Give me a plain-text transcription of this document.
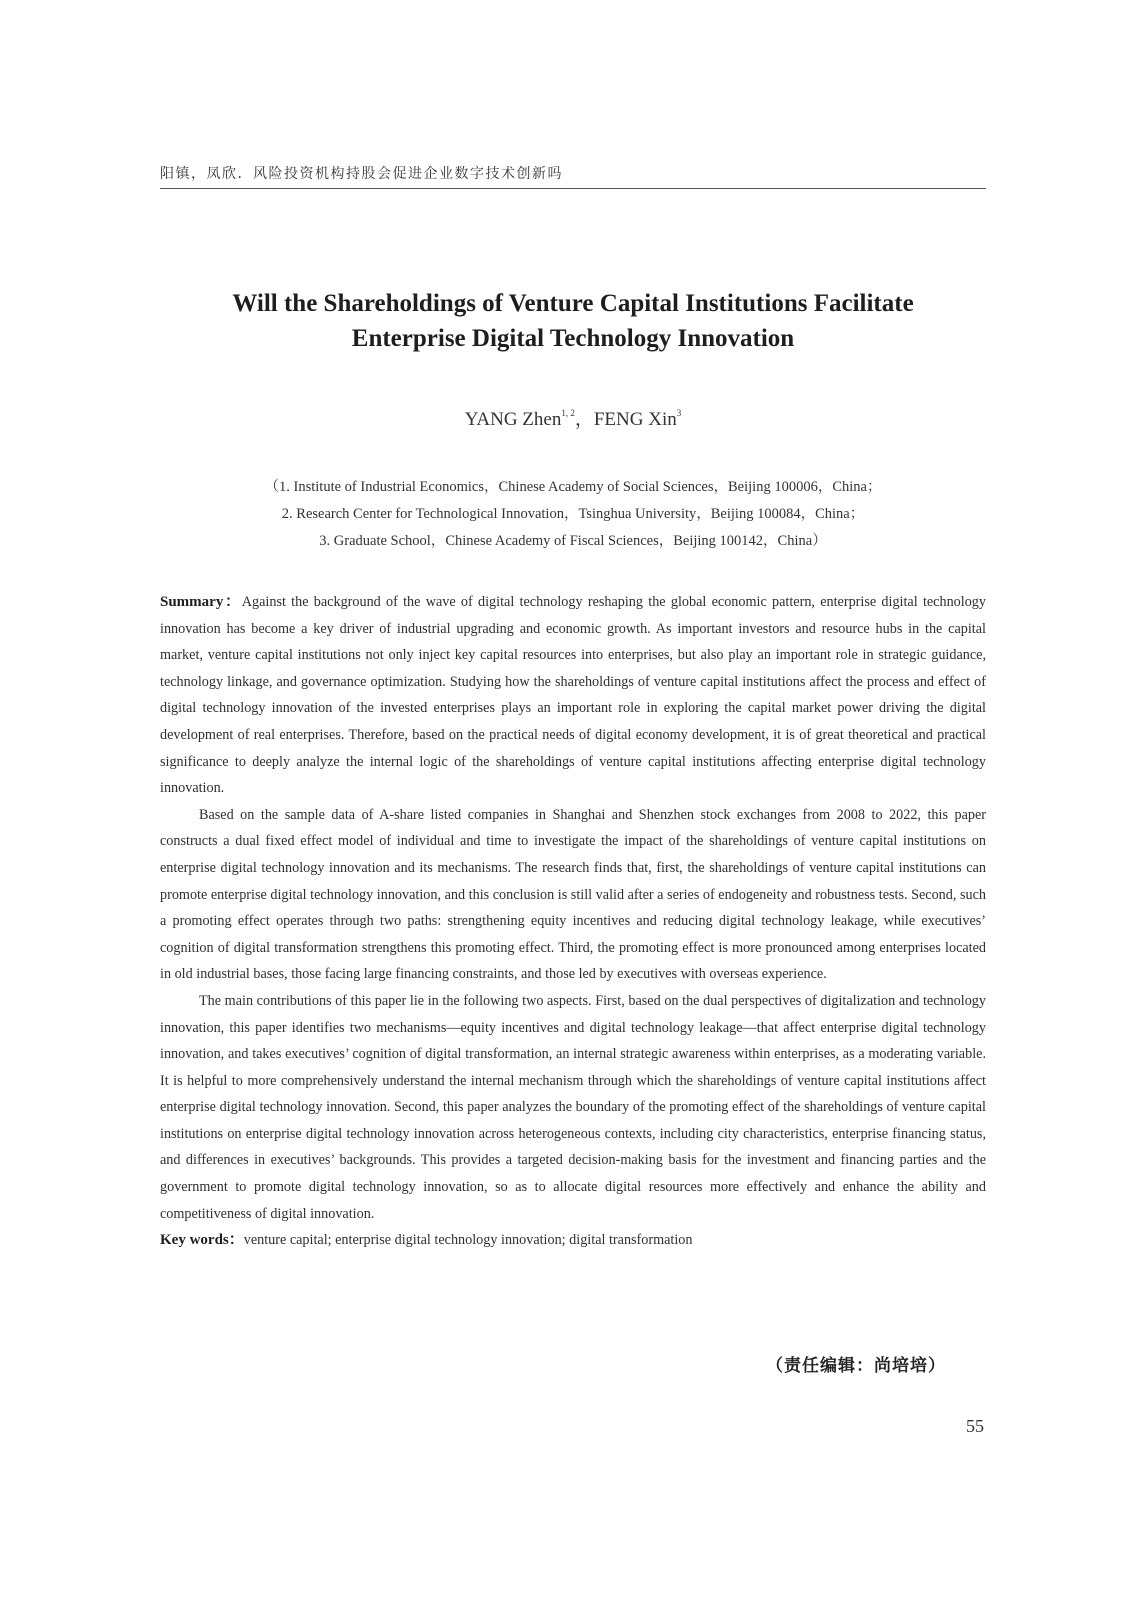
阳镇，凤欣．风险投资机构持股会促进企业数字技术创新吗
Will the Shareholdings of Venture Capital Institutions Facilitate
Enterprise Digital Technology Innovation
YANG Zhen$^{1, 2}$，FENG Xin$^3$
（1. Institute of Industrial Economics，Chinese Academy of Social Sciences，Beijing 100006，China；
2. Research Center for Technological Innovation，Tsinghua University，Beijing 100084，China；
3. Graduate School，Chinese Academy of Fiscal Sciences，Beijing 100142，China）

Summary：Against the background of the wave of digital technology reshaping the global economic pattern, enterprise digital technology innovation has become a key driver of industrial upgrading and economic growth. As important investors and resource hubs in the capital market, venture capital institutions not only inject key capital resources into enterprises, but also play an important role in strategic guidance, technology linkage, and governance optimization. Studying how the shareholdings of venture capital institutions affect the process and effect of digital technology innovation of the invested enterprises plays an important role in exploring the capital market power driving the digital development of real enterprises. Therefore, based on the practical needs of digital economy development, it is of great theoretical and practical significance to deeply analyze the internal logic of the shareholdings of venture capital institutions affecting enterprise digital technology innovation.

Based on the sample data of A-share listed companies in Shanghai and Shenzhen stock exchanges from 2008 to 2022, this paper constructs a dual fixed effect model of individual and time to investigate the impact of the shareholdings of venture capital institutions on enterprise digital technology innovation and its mechanisms. The research finds that, first, the shareholdings of venture capital institutions can promote enterprise digital technology innovation, and this conclusion is still valid after a series of endogeneity and robustness tests. Second, such a promoting effect operates through two paths: strengthening equity incentives and reducing digital technology leakage, while executives’ cognition of digital transformation strengthens this promoting effect. Third, the promoting effect is more pronounced among enterprises located in old industrial bases, those facing large financing constraints, and those led by executives with overseas experience.

The main contributions of this paper lie in the following two aspects. First, based on the dual perspectives of digitalization and technology innovation, this paper identifies two mechanisms—equity incentives and digital technology leakage—that affect enterprise digital technology innovation, and takes executives’ cognition of digital transformation, an internal strategic awareness within enterprises, as a moderating variable. It is helpful to more comprehensively understand the internal mechanism through which the shareholdings of venture capital institutions affect enterprise digital technology innovation. Second, this paper analyzes the boundary of the promoting effect of the shareholdings of venture capital institutions on enterprise digital technology innovation across heterogeneous contexts, including city characteristics, enterprise financing status, and differences in executives’ backgrounds. This provides a targeted decision-making basis for the investment and financing parties and the government to promote digital technology innovation, so as to allocate digital resources more effectively and enhance the ability and competitiveness of digital innovation.

Key words：venture capital; enterprise digital technology innovation; digital transformation

（责任编辑：尚培培）
55
